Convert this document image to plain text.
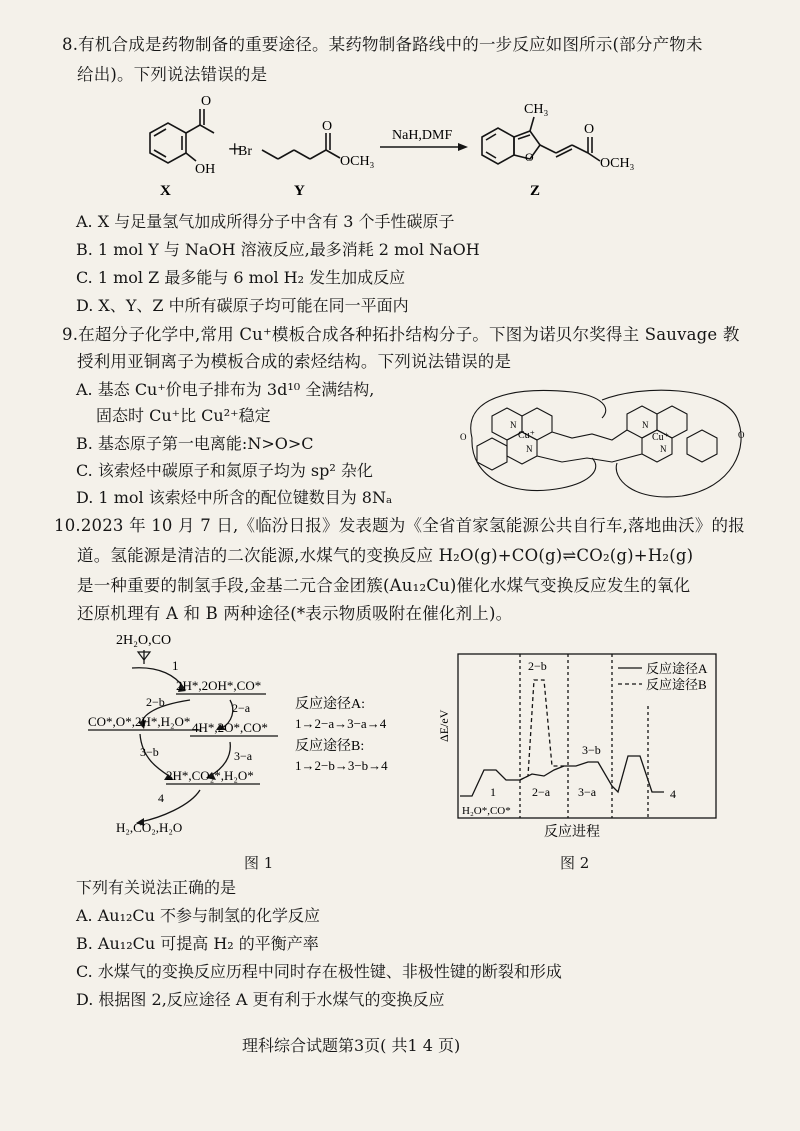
8.有机合成是药物制备的重要途径。某药物制备路线中的一步反应如图所示(部分产物未
给出)。下列说法错误的是
O
OH
X
+
Br
O
OCH₃
Y
NaH,DMF
O
CH₃
O
OCH₃
Z
A. X 与足量氢气加成所得分子中含有 3 个手性碳原子
B. 1 mol Y 与 NaOH 溶液反应,最多消耗 2 mol NaOH
C. 1 mol Z 最多能与 6 mol H₂ 发生加成反应
D. X、Y、Z 中所有碳原子均可能在同一平面内
9.在超分子化学中,常用 Cu⁺模板合成各种拓扑结构分子。下图为诺贝尔奖得主 Sauvage 教
授利用亚铜离子为模板合成的索烃结构。下列说法错误的是
A. 基态 Cu⁺价电子排布为 3d¹⁰ 全满结构,
固态时 Cu⁺比 Cu²⁺稳定
B. 基态原子第一电离能:N>O>C
C. 该索烃中碳原子和氮原子均为 sp² 杂化
D. 1 mol 该索烃中所含的配位键数目为 8Nₐ
Cu⁺	Cu⁺
N
N
N
N
O	O
10.2023 年 10 月 7 日,《临汾日报》发表题为《全省首家氢能源公共自行车,落地曲沃》的报
道。氢能源是清洁的二次能源,水煤气的变换反应 H₂O(g)+CO(g)⇌CO₂(g)+H₂(g)
是一种重要的制氢手段,金基二元合金团簇(Au₁₂Cu)催化水煤气变换反应发生的氧化
还原机理有 A 和 B 两种途径(*表示物质吸附在催化剂上)。
2H₂O,CO
1
2H*,2OH*,CO*
2−b	2−a
CO*,O*,2H*,H₂O* 4H*,2O*,CO*
3−b	3−a
2H*,CO₂*,H₂O*
4
H₂,CO₂,H₂O
反应途径A:
1→2−a→3−a→4
反应途径B:
1→2−b→3−b→4
图 1
ΔE/eV
反应途径A
反应途径B
2−b
3−b
1	2−a 3−a	4
H₂O*,CO*
反应进程
图 2
下列有关说法正确的是
A. Au₁₂Cu 不参与制氢的化学反应
B. Au₁₂Cu 可提高 H₂ 的平衡产率
C. 水煤气的变换反应历程中同时存在极性键、非极性键的断裂和形成
D. 根据图 2,反应途径 A 更有利于水煤气的变换反应
理科综合试题第3页( 共1 4 页)
